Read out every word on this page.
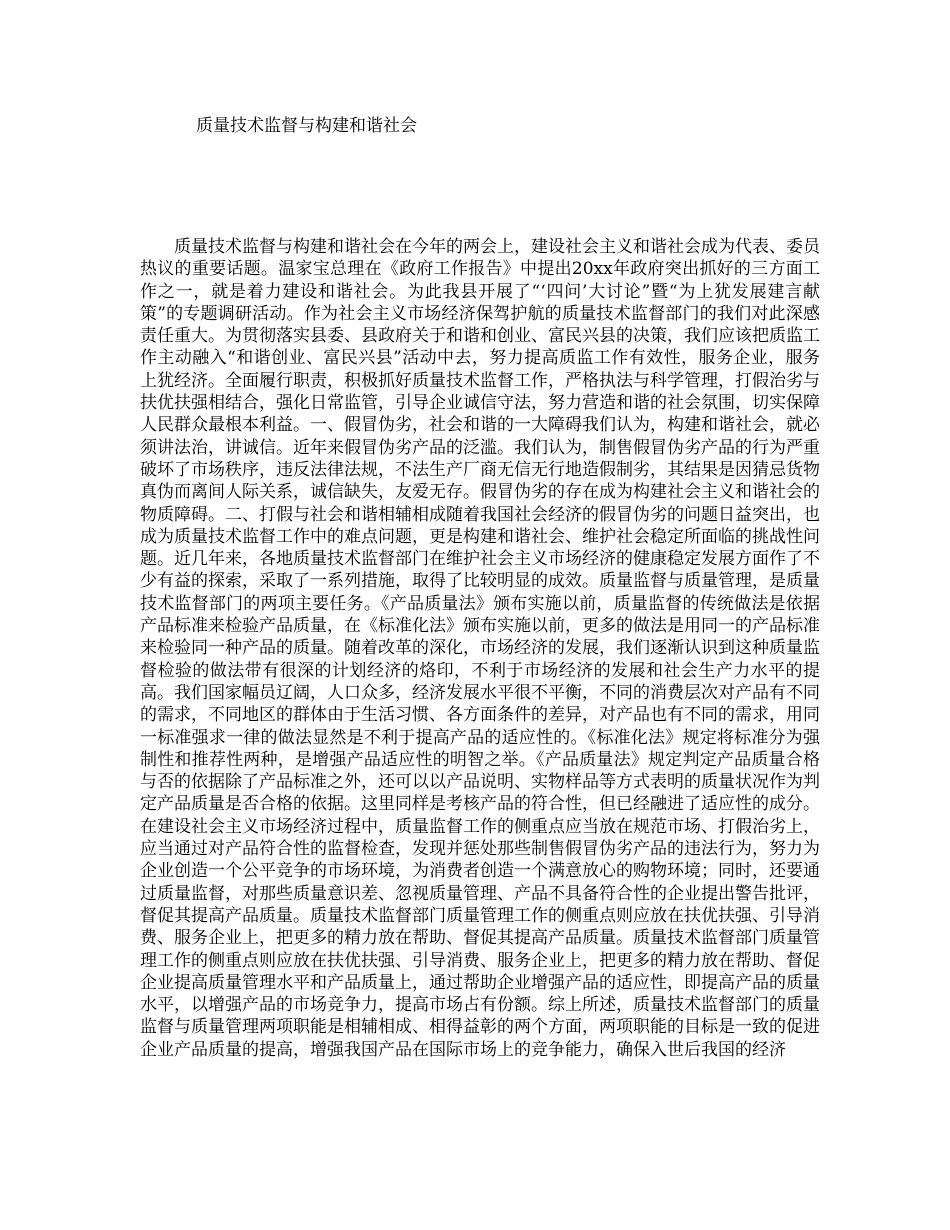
质量技术监督与构建和谐社会

质量技术监督与构建和谐社会在今年的两会上，建设社会主义和谐社会成为代表、委员热议的重要话题。温家宝总理在《政府工作报告》中提出20xx年政府突出抓好的三方面工作之一，就是着力建设和谐社会。为此我县开展了“‘四问’大讨论”暨“为上犹发展建言献策”的专题调研活动。作为社会主义市场经济保驾护航的质量技术监督部门的我们对此深感责任重大。为贯彻落实县委、县政府关于和谐和创业、富民兴县的决策，我们应该把质监工作主动融入“和谐创业、富民兴县”活动中去，努力提高质监工作有效性，服务企业，服务上犹经济。全面履行职责，积极抓好质量技术监督工作，严格执法与科学管理，打假治劣与扶优扶强相结合，强化日常监管，引导企业诚信守法，努力营造和谐的社会氛围，切实保障人民群众最根本利益。一、假冒伪劣，社会和谐的一大障碍我们认为，构建和谐社会，就必须讲法治，讲诚信。近年来假冒伪劣产品的泛滥。我们认为，制售假冒伪劣产品的行为严重破坏了市场秩序，违反法律法规，不法生产厂商无信无行地造假制劣，其结果是因猜忌货物真伪而离间人际关系，诚信缺失，友爱无存。假冒伪劣的存在成为构建社会主义和谐社会的物质障碍。二、打假与社会和谐相辅相成随着我国社会经济的假冒伪劣的问题日益突出，也成为质量技术监督工作中的难点问题，更是构建和谐社会、维护社会稳定所面临的挑战性问题。近几年来，各地质量技术监督部门在维护社会主义市场经济的健康稳定发展方面作了不少有益的探索，采取了一系列措施，取得了比较明显的成效。质量监督与质量管理，是质量技术监督部门的两项主要任务。《产品质量法》颁布实施以前，质量监督的传统做法是依据产品标准来检验产品质量，在《标准化法》颁布实施以前，更多的做法是用同一的产品标准来检验同一种产品的质量。随着改革的深化，市场经济的发展，我们逐渐认识到这种质量监督检验的做法带有很深的计划经济的烙印，不利于市场经济的发展和社会生产力水平的提高。我们国家幅员辽阔，人口众多，经济发展水平很不平衡，不同的消费层次对产品有不同的需求，不同地区的群体由于生活习惯、各方面条件的差异，对产品也有不同的需求，用同一标准强求一律的做法显然是不利于提高产品的适应性的。《标准化法》规定将标准分为强制性和推荐性两种，是增强产品适应性的明智之举。《产品质量法》规定判定产品质量合格与否的依据除了产品标准之外，还可以以产品说明、实物样品等方式表明的质量状况作为判定产品质量是否合格的依据。这里同样是考核产品的符合性，但已经融进了适应性的成分。在建设社会主义市场经济过程中，质量监督工作的侧重点应当放在规范市场、打假治劣上，应当通过对产品符合性的监督检查，发现并惩处那些制售假冒伪劣产品的违法行为，努力为企业创造一个公平竞争的市场环境，为消费者创造一个满意放心的购物环境；同时，还要通过质量监督，对那些质量意识差、忽视质量管理、产品不具备符合性的企业提出警告批评，督促其提高产品质量。质量技术监督部门质量管理工作的侧重点则应放在扶优扶强、引导消费、服务企业上，把更多的精力放在帮助、督促其提高产品质量。质量技术监督部门质量管理工作的侧重点则应放在扶优扶强、引导消费、服务企业上，把更多的精力放在帮助、督促企业提高质量管理水平和产品质量上，通过帮助企业增强产品的适应性，即提高产品的质量水平，以增强产品的市场竞争力，提高市场占有份额。综上所述，质量技术监督部门的质量监督与质量管理两项职能是相辅相成、相得益彰的两个方面，两项职能的目标是一致的促进企业产品质量的提高，增强我国产品在国际市场上的竞争能力，确保入世后我国的经济
